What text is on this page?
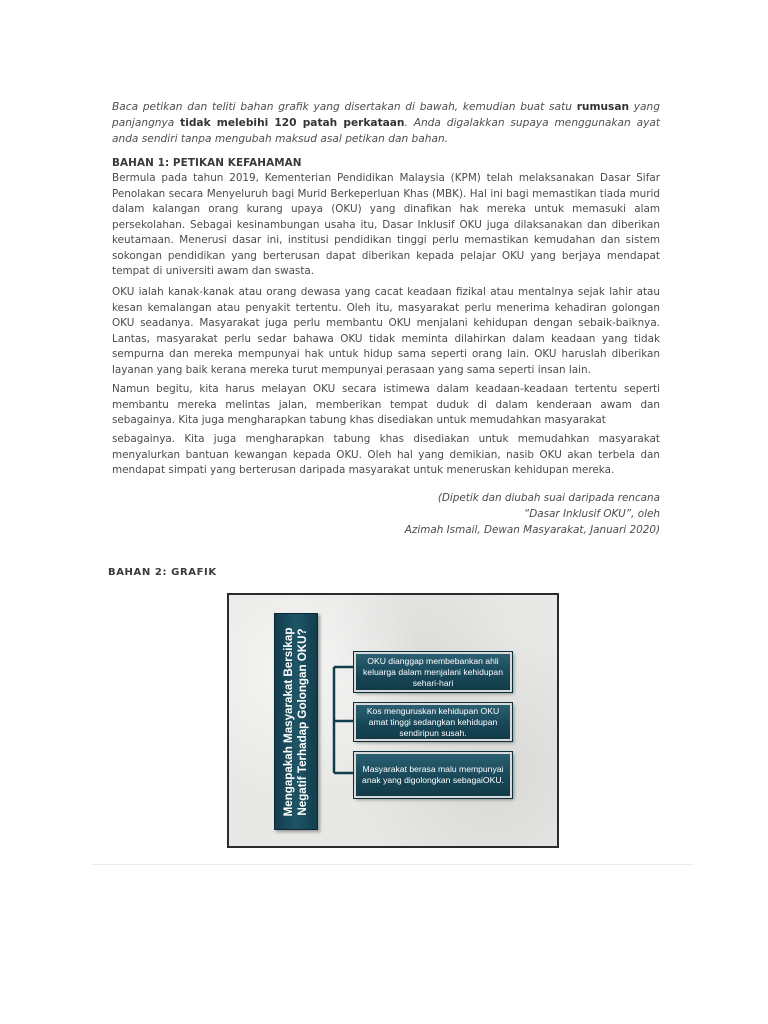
Baca petikan dan teliti bahan grafik yang disertakan di bawah, kemudian buat satu rumusan yang panjangnya tidak melebihi 120 patah perkataan. Anda digalakkan supaya menggunakan ayat anda sendiri tanpa mengubah maksud asal petikan dan bahan.
BAHAN 1: PETIKAN KEFAHAMAN

Bermula pada tahun 2019, Kementerian Pendidikan Malaysia (KPM) telah melaksanakan Dasar Sifar Penolakan secara Menyeluruh bagi Murid Berkeperluan Khas (MBK). Hal ini bagi memastikan tiada murid dalam kalangan orang kurang upaya (OKU) yang dinafikan hak mereka untuk memasuki alam persekolahan. Sebagai kesinambungan usaha itu, Dasar Inklusif OKU juga dilaksanakan dan diberikan keutamaan. Menerusi dasar ini, institusi pendidikan tinggi perlu memastikan kemudahan dan sistem sokongan pendidikan yang berterusan dapat diberikan kepada pelajar OKU yang berjaya mendapat tempat di universiti awam dan swasta.

OKU ialah kanak-kanak atau orang dewasa yang cacat keadaan fizikal atau mentalnya sejak lahir atau kesan kemalangan atau penyakit tertentu. Oleh itu, masyarakat perlu menerima kehadiran golongan OKU seadanya. Masyarakat juga perlu membantu OKU menjalani kehidupan dengan sebaik-baiknya. Lantas, masyarakat perlu sedar bahawa OKU tidak meminta dilahirkan dalam keadaan yang tidak sempurna dan mereka mempunyai hak untuk hidup sama seperti orang lain. OKU haruslah diberikan layanan yang baik kerana mereka turut mempunyai perasaan yang sama seperti insan lain.

Namun begitu, kita harus melayan OKU secara istimewa dalam keadaan-keadaan tertentu seperti membantu mereka melintas jalan, memberikan tempat duduk di dalam kenderaan awam dan sebagainya. Kita juga mengharapkan tabung khas disediakan untuk memudahkan masyarakat

sebagainya. Kita juga mengharapkan tabung khas disediakan untuk memudahkan masyarakat menyalurkan bantuan kewangan kepada OKU. Oleh hal yang demikian, nasib OKU akan terbela dan mendapat simpati yang berterusan daripada masyarakat untuk meneruskan kehidupan mereka.

(Dipetik dan diubah suai daripada rencana
“Dasar Inklusif OKU”, oleh
Azimah Ismail, Dewan Masyarakat, Januari 2020)
BAHAN 2: GRAFIK
Mengapakah Masyarakat Bersikap Negatif Terhadap Golongan OKU?	OKU dianggap membebankan ahli keluarga dalam menjalani kehidupan sehari-hari
Kos menguruskan kehidupan OKU amat tinggi sedangkan kehidupan sendiripun susah.
Masyarakat berasa malu mempunyai anak yang digolongkan sebagaiOKU.
